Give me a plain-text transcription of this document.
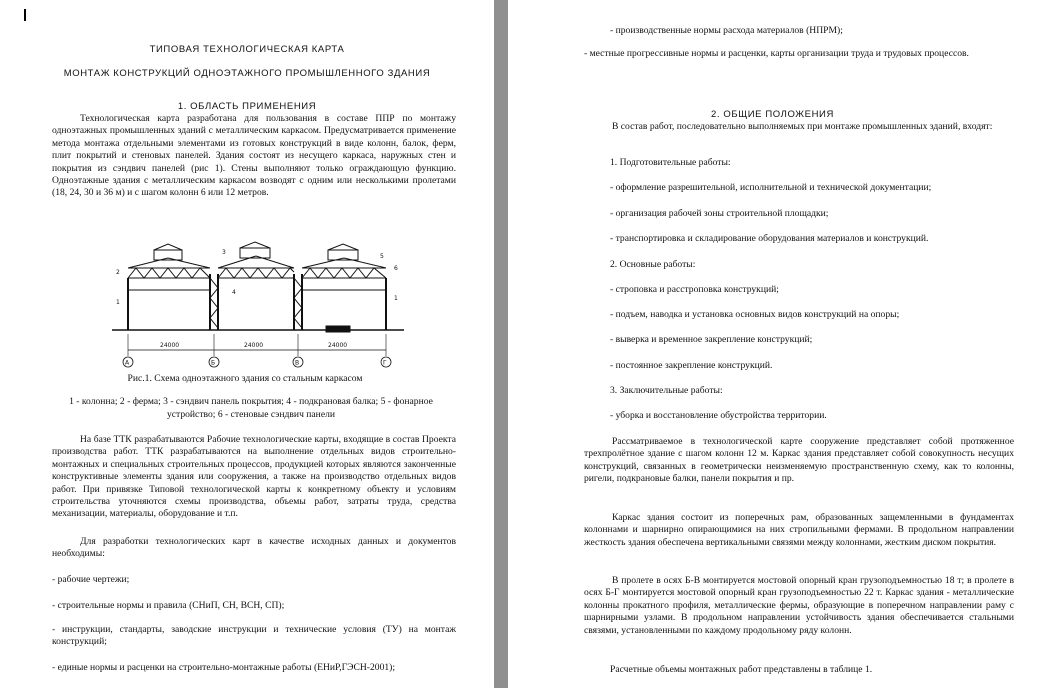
ТИПОВАЯ ТЕХНОЛОГИЧЕСКАЯ КАРТА
МОНТАЖ КОНСТРУКЦИЙ ОДНОЭТАЖНОГО ПРОМЫШЛЕННОГО ЗДАНИЯ
1. ОБЛАСТЬ ПРИМЕНЕНИЯ

Технологическая карта разработана для пользования в составе ППР по монтажу одноэтажных промышленных зданий с металлическим каркасом. Предусматривается применение метода монтажа отдельными элементами из готовых конструкций в виде колонн, балок, ферм, плит покрытий и стеновых панелей. Здания состоят из несущего каркаса, наружных стен и покрытия из сэндвич панелей (рис 1). Стены выполняют только ограждающую функцию. Одноэтажные здания с металлическим каркасом возводят с одним или несколькими пролетами (18, 24, 30 и 36 м) и с шагом колонн 6 или 12 метров.

24000	24000	24000
А	Б	В	Г
1
2
3
4
5
6
1

Рис.1. Схема одноэтажного здания со стальным каркасом

1 - колонна; 2 - ферма; 3 - сэндвич панель покрытия; 4 - подкрановая балка; 5 - фонарное устройство; 6 - стеновые сэндвич панели

На базе ТТК разрабатываются Рабочие технологические карты, входящие в состав Проекта производства работ. ТТК разрабатываются на выполнение отдельных видов строительно-монтажных и специальных строительных процессов, продукцией которых являются законченные конструктивные элементы здания или сооружения, а также на производство отдельных видов работ. При привязке Типовой технологической карты к конкретному объекту и условиям строительства уточняются схемы производства, объемы работ, затраты труда, средства механизации, материалы, оборудование и т.п.

Для разработки технологических карт в качестве исходных данных и документов необходимы:

- рабочие чертежи;

- строительные нормы и правила (СНиП, СН, ВСН, СП);

- инструкции, стандарты, заводские инструкции и технические условия (ТУ) на монтаж конструкций;

- единые нормы и расценки на строительно-монтажные работы (ЕНиР,ГЭСН-2001);

- производственные нормы расхода материалов (НПРМ);

- местные прогрессивные нормы и расценки, карты организации труда и трудовых процессов.

2. ОБЩИЕ ПОЛОЖЕНИЯ

В состав работ, последовательно выполняемых при монтаже промышленных зданий, входят:

1. Подготовительные работы:

- оформление разрешительной, исполнительной и технической документации;

- организация рабочей зоны строительной площадки;

- транспортировка и складирование оборудования материалов и конструкций.

2. Основные работы:

- строповка и расстроповка конструкций;

- подъем, наводка и установка основных видов конструкций на опоры;

- выверка и временное закрепление конструкций;

- постоянное закрепление конструкций.

3. Заключительные работы:

- уборка и восстановление обустройства территории.

Рассматриваемое в технологической карте сооружение представляет собой протяженное трехпролётное здание с шагом колонн 12 м. Каркас здания представляет собой совокупность несущих конструкций, связанных в геометрически неизменяемую пространственную схему, как то колонны, ригели, подкрановые балки, панели покрытия и пр.

Каркас здания состоит из поперечных рам, образованных защемленными в фундаментах колоннами и шарнирно опирающимися на них стропильными фермами. В продольном направлении жесткость здания обеспечена вертикальными связями между колоннами, жестким диском покрытия.

В пролете в осях Б-В монтируется мостовой опорный кран грузоподъемностью 18 т; в пролете в осях Б-Г монтируется мостовой опорный кран грузоподъемностью 22 т. Каркас здания - металлические колонны прокатного профиля, металлические фермы, образующие в поперечном направлении раму с шарнирными узлами. В продольном направлении устойчивость здания обеспечивается стальными связями, установленными по каждому продольному ряду колонн.

Расчетные объемы монтажных работ представлены в таблице 1.
